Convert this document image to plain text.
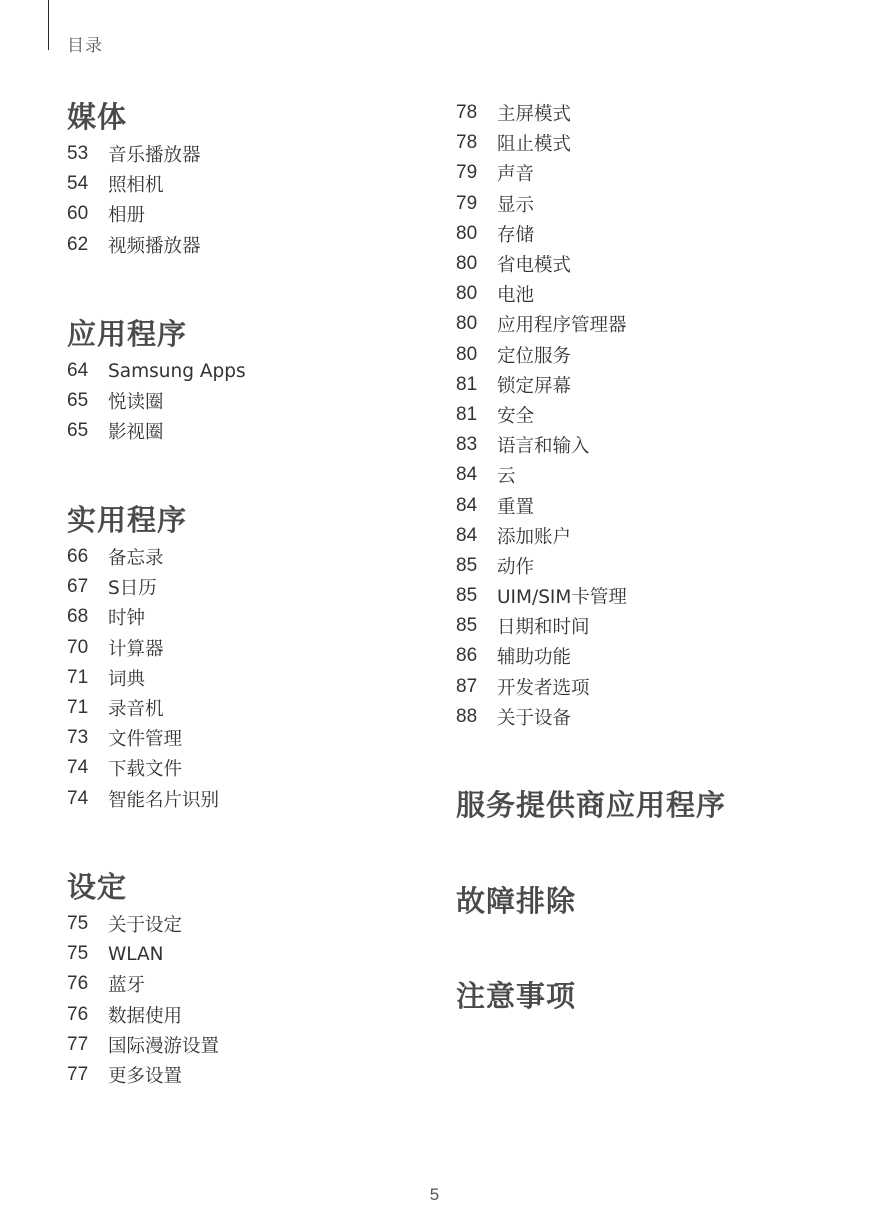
目录
媒体
53	音乐播放器
54	照相机
60	相册
62	视频播放器
应用程序
64	Samsung Apps
65	悦读圈
65	影视圈
实用程序
66	备忘录
67	S日历
68	时钟
70	计算器
71	词典
71	录音机
73	文件管理
74	下载文件
74	智能名片识别
设定
75	关于设定
75	WLAN
76	蓝牙
76	数据使用
77	国际漫游设置
77	更多设置
78	主屏模式
78	阻止模式
79	声音
79	显示
80	存储
80	省电模式
80	电池
80	应用程序管理器
80	定位服务
81	锁定屏幕
81	安全
83	语言和输入
84	云
84	重置
84	添加账户
85	动作
85	UIM/SIM卡管理
85	日期和时间
86	辅助功能
87	开发者选项
88	关于设备
服务提供商应用程序
故障排除
注意事项
5
